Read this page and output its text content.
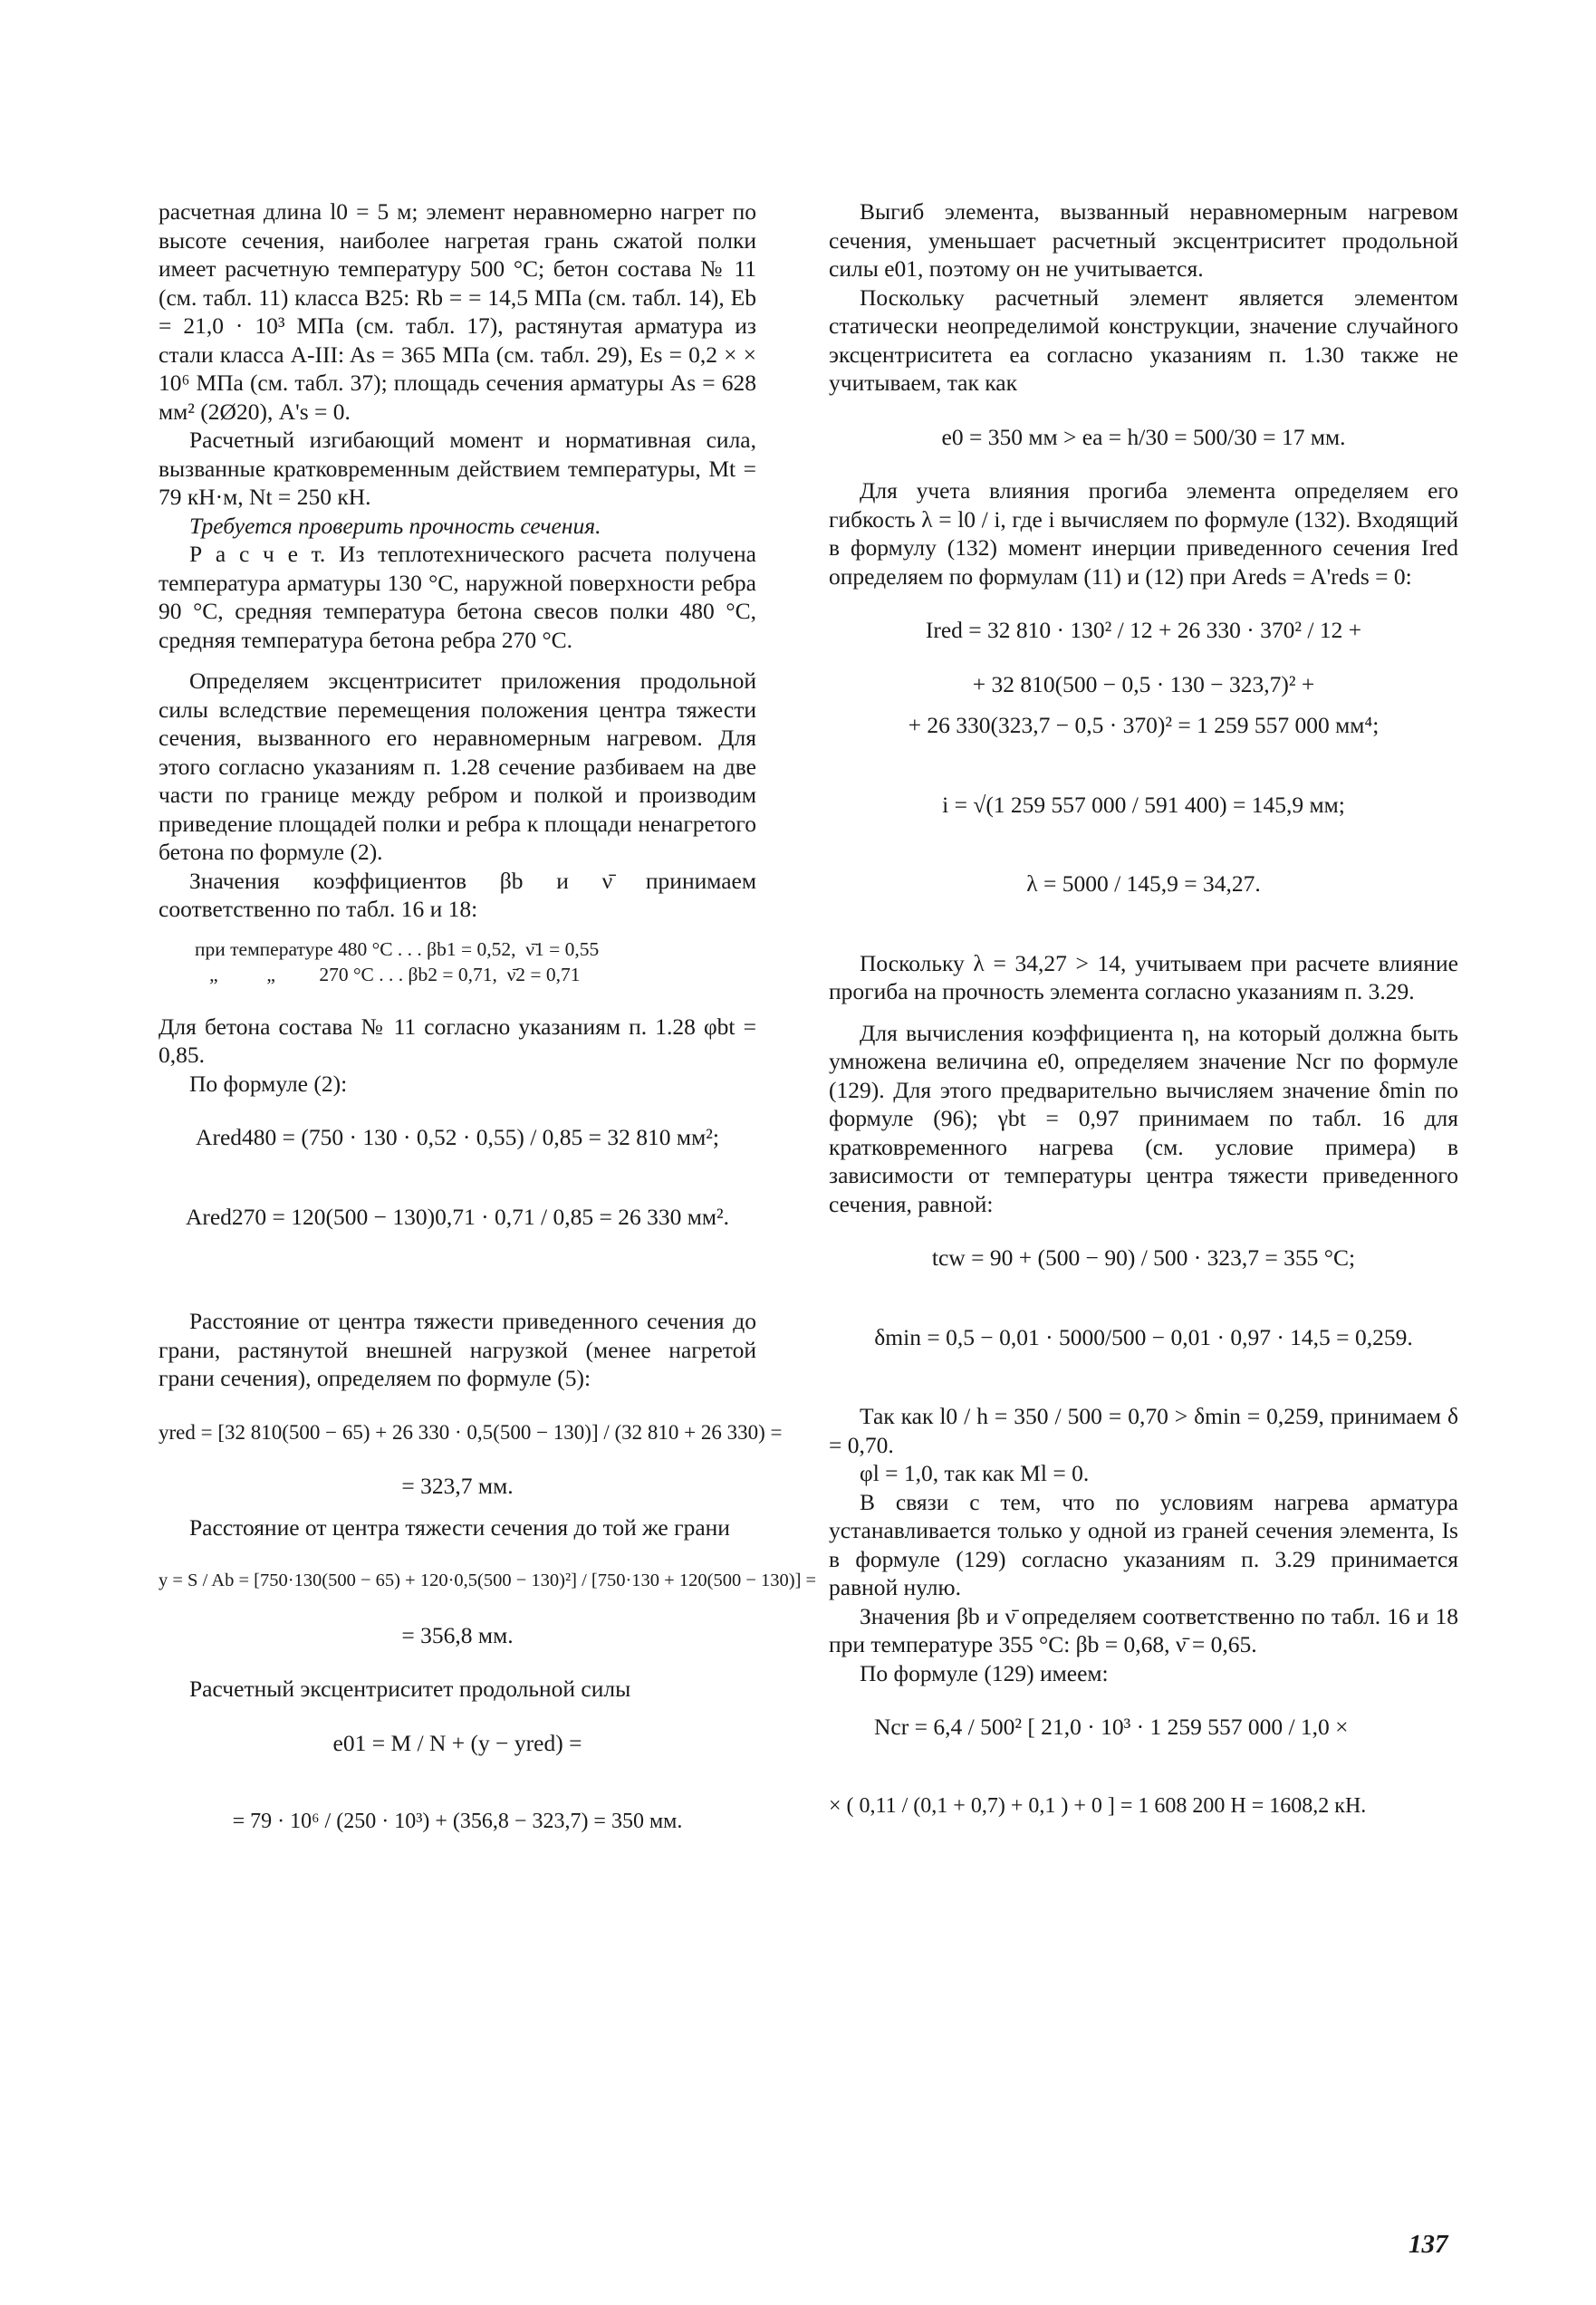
расчетная длина l0 = 5 м; элемент неравномерно нагрет по высоте сечения, наиболее нагретая грань сжатой полки имеет расчетную температуру 500 °С; бетон состава № 11 (см. табл. 11) класса В25: Rb = = 14,5 МПа (см. табл. 14), Eb = 21,0 · 10³ МПа (см. табл. 17), растянутая арматура из стали класса А-III: As = 365 МПа (см. табл. 29), Es = 0,2 × × 10⁶ МПа (см. табл. 37); площадь сечения арматуры As = 628 мм² (2Ø20), A's = 0.

Расчетный изгибающий момент и нормативная сила, вызванные кратковременным действием температуры, Mt = 79 кН·м, Nt = 250 кН.

Требуется проверить прочность сечения.

Р а с ч е т. Из теплотехнического расчета получена температура арматуры 130 °С, наружной поверхности ребра 90 °С, средняя температура бетона свесов полки 480 °С, средняя температура бетона ребра 270 °С.

Определяем эксцентриситет приложения продольной силы вследствие перемещения положения центра тяжести сечения, вызванного его неравномерным нагревом. Для этого согласно указаниям п. 1.28 сечение разбиваем на две части по границе между ребром и полкой и производим приведение площадей полки и ребра к площади ненагретого бетона по формуле (2).

Значения коэффициентов βb и ν̄ принимаем соответственно по табл. 16 и 18:

при температуре 480 °С . . . βb1 = 0,52,  ν̄1 = 0,55

„          „         270 °С . . . βb2 = 0,71,  ν̄2 = 0,71

Для бетона состава № 11 согласно указаниям п. 1.28 φbt = 0,85.

По формуле (2):

Ared480 = (750 · 130 · 0,52 · 0,55) / 0,85 = 32 810 мм²;

Ared270 = 120(500 − 130)0,71 · 0,71 / 0,85 = 26 330 мм².

Расстояние от центра тяжести приведенного сечения до грани, растянутой внешней нагрузкой (менее нагретой грани сечения), определяем по формуле (5):

yred = [32 810(500 − 65) + 26 330 · 0,5(500 − 130)] / (32 810 + 26 330) =

= 323,7 мм.

Расстояние от центра тяжести сечения до той же грани

y = S / Ab = [750·130(500 − 65) + 120·0,5(500 − 130)²] / [750·130 + 120(500 − 130)] =

= 356,8 мм.

Расчетный эксцентриситет продольной силы

e01 = M / N + (y − yred) =

= 79 · 10⁶ / (250 · 10³) + (356,8 − 323,7) = 350 мм.

Выгиб элемента, вызванный неравномерным нагревом сечения, уменьшает расчетный эксцентриситет продольной силы e01, поэтому он не учитывается.

Поскольку расчетный элемент является элементом статически неопределимой конструкции, значение случайного эксцентриситета ea согласно указаниям п. 1.30 также не учитываем, так как

e0 = 350 мм > ea = h/30 = 500/30 = 17 мм.

Для учета влияния прогиба элемента определяем его гибкость λ = l0 / i, где i вычисляем по формуле (132). Входящий в формулу (132) момент инерции приведенного сечения Ired определяем по формулам (11) и (12) при Areds = A'reds = 0:

Ired = 32 810 · 130² / 12 + 26 330 · 370² / 12 +

+ 32 810(500 − 0,5 · 130 − 323,7)² +

+ 26 330(323,7 − 0,5 · 370)² = 1 259 557 000 мм⁴;

i = √(1 259 557 000 / 591 400) = 145,9 мм;

λ = 5000 / 145,9 = 34,27.

Поскольку λ = 34,27 > 14, учитываем при расчете влияние прогиба на прочность элемента согласно указаниям п. 3.29.

Для вычисления коэффициента η, на который должна быть умножена величина e0, определяем значение Ncr по формуле (129). Для этого предварительно вычисляем значение δmin по формуле (96); γbt = 0,97 принимаем по табл. 16 для кратковременного нагрева (см. условие примера) в зависимости от температуры центра тяжести приведенного сечения, равной:

tcw = 90 + (500 − 90) / 500 · 323,7 = 355 °С;

δmin = 0,5 − 0,01 · 5000/500 − 0,01 · 0,97 · 14,5 = 0,259.

Так как l0 / h = 350 / 500 = 0,70 > δmin = 0,259, принимаем δ = 0,70.

φl = 1,0, так как Ml = 0.

В связи с тем, что по условиям нагрева арматура устанавливается только у одной из граней сечения элемента, Is в формуле (129) согласно указаниям п. 3.29 принимается равной нулю.

Значения βb и ν̄ определяем соответственно по табл. 16 и 18 при температуре 355 °С: βb = 0,68, ν̄ = 0,65.

По формуле (129) имеем:

Ncr = 6,4 / 500² [ 21,0 · 10³ · 1 259 557 000 / 1,0 ×

× ( 0,11 / (0,1 + 0,7) + 0,1 ) + 0 ] = 1 608 200 H = 1608,2 кН.

137
